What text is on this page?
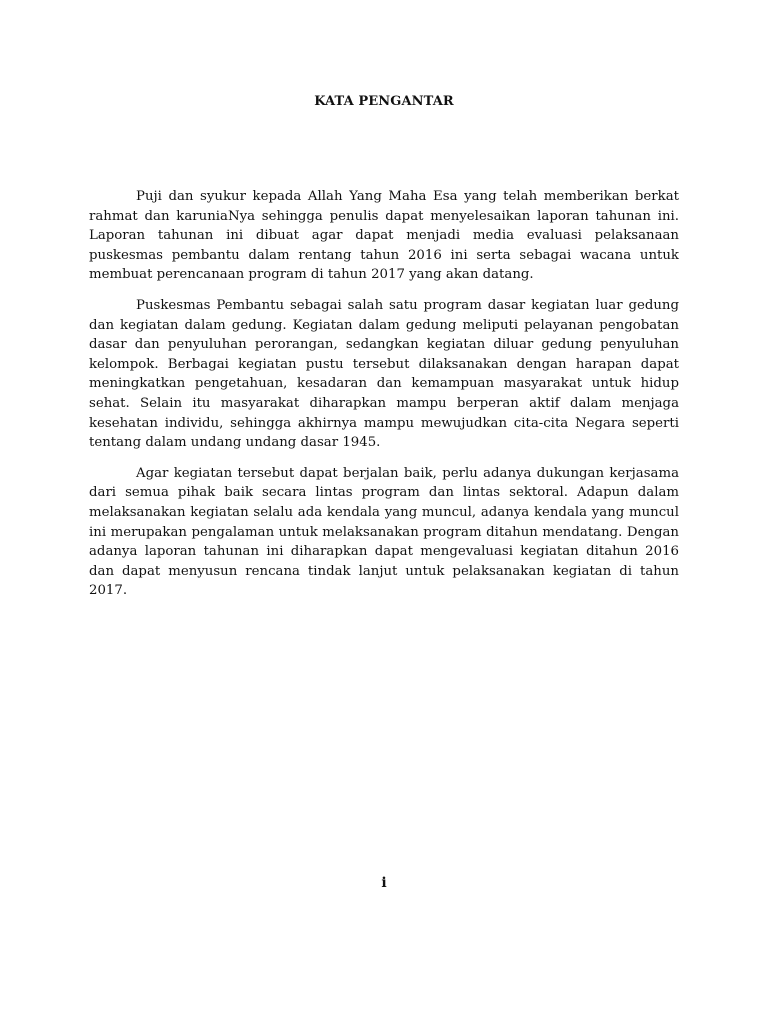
KATA PENGANTAR

Puji dan syukur kepada Allah Yang Maha Esa yang telah memberikan berkat rahmat dan karuniaNya sehingga penulis dapat menyelesaikan laporan tahunan ini. Laporan tahunan ini dibuat agar dapat menjadi media evaluasi pelaksanaan puskesmas pembantu dalam rentang tahun 2016 ini serta sebagai wacana untuk membuat perencanaan program di tahun 2017 yang akan datang.

Puskesmas Pembantu sebagai salah satu program dasar kegiatan luar gedung dan kegiatan dalam gedung. Kegiatan dalam gedung meliputi pelayanan pengobatan dasar dan penyuluhan perorangan, sedangkan kegiatan diluar gedung penyuluhan kelompok. Berbagai kegiatan pustu tersebut dilaksanakan dengan harapan dapat meningkatkan pengetahuan, kesadaran dan kemampuan masyarakat untuk hidup sehat. Selain itu masyarakat diharapkan mampu berperan aktif dalam menjaga kesehatan individu, sehingga akhirnya mampu mewujudkan cita-cita Negara seperti tentang dalam undang undang dasar 1945.

Agar kegiatan tersebut dapat berjalan baik, perlu adanya dukungan kerjasama dari semua pihak baik secara lintas program dan lintas sektoral. Adapun dalam melaksanakan kegiatan selalu ada kendala yang muncul, adanya kendala yang muncul ini merupakan pengalaman untuk melaksanakan program ditahun mendatang. Dengan adanya laporan tahunan ini diharapkan dapat mengevaluasi kegiatan ditahun 2016 dan dapat menyusun rencana tindak lanjut untuk pelaksanakan kegiatan di tahun 2017.

i
